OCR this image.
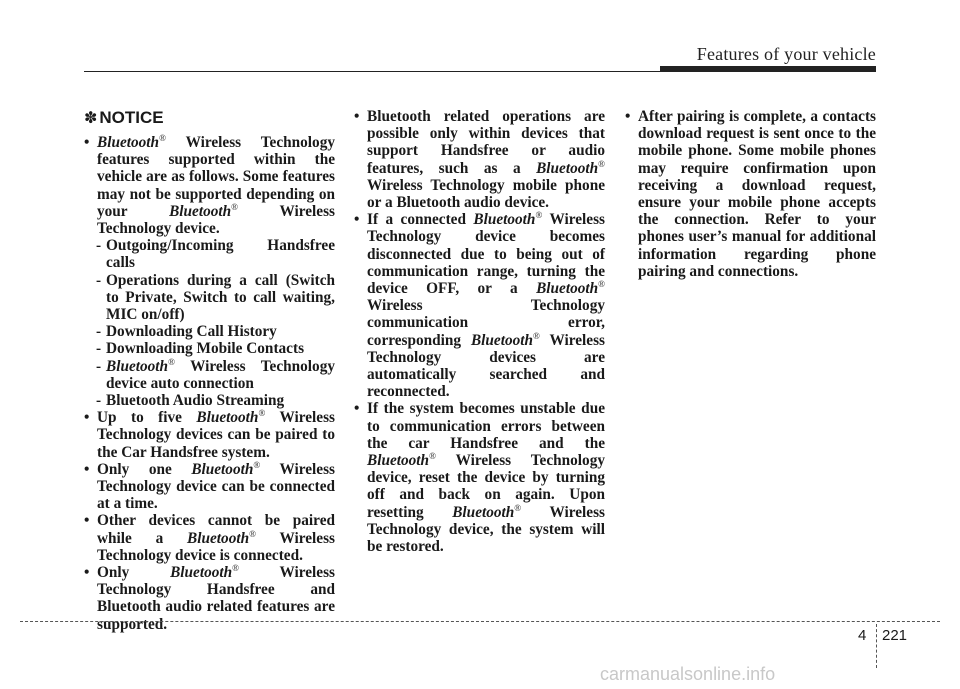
Features of your vehicle
✽ NOTICE

• Bluetooth® Wireless Technology features supported within the vehicle are as follows. Some features may not be supported depending on your	Bluetooth®	Wireless Technology device.

- Outgoing/Incoming Handsfree calls

- Operations during a call (Switch to Private, Switch to call waiting, MIC on/off)

- Downloading Call History

- Downloading Mobile Contacts

- Bluetooth® Wireless Technology device auto connection

- Bluetooth Audio Streaming

• Up to five Bluetooth® Wireless Technology devices can be paired to the Car Handsfree system.

• Only one Bluetooth® Wireless Technology device can be connected at a time.

• Other devices cannot be paired while a Bluetooth® Wireless Technology device is connected.

• Only	Bluetooth®	Wireless Technology Handsfree and Bluetooth audio related features are supported.

• Bluetooth related operations are possible only within devices that support Handsfree or audio features, such as a Bluetooth® Wireless Technology mobile phone or a Bluetooth audio device.

• If a connected Bluetooth® Wireless Technology device becomes disconnected due to being out of communication range, turning the device OFF, or a Bluetooth® Wireless Technology communication error, corresponding Bluetooth® Wireless Technology devices are automatically searched and reconnected.

• If the system becomes unstable due to communication errors between the car Handsfree and the Bluetooth® Wireless Technology device, reset the device by turning off and back on again. Upon resetting Bluetooth® Wireless Technology device, the system will be restored.

• After pairing is complete, a contacts download request is sent once to the mobile phone. Some mobile phones may require confirmation upon receiving a download request, ensure your mobile phone accepts the connection. Refer to your phones user’s manual for additional information regarding phone pairing and connections.

4 221
carmanualsonline.info
